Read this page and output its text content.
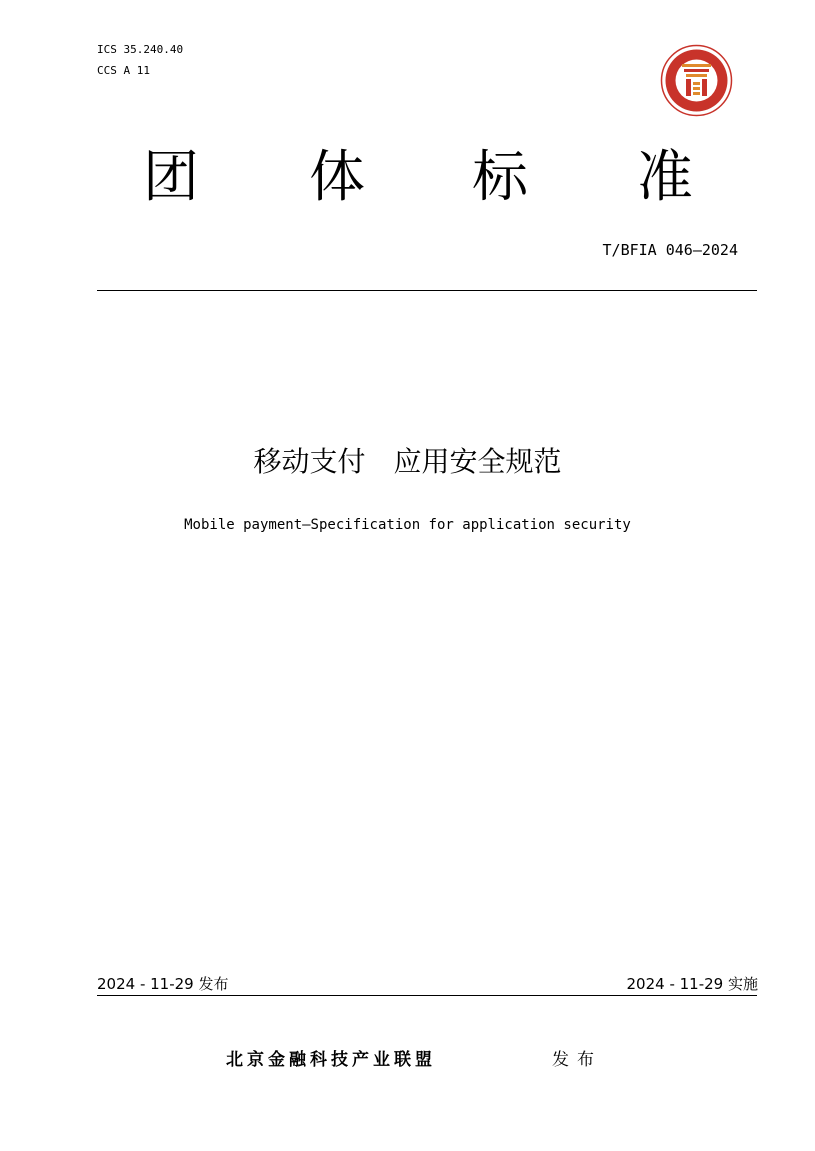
ICS 35.240.40
CCS A 11
团 体 标 准
T/BFIA 046—2024
移动支付　应用安全规范
Mobile payment—Specification for application security
2024 - 11-29 发布	2024 - 11-29 实施
北京金融科技产业联盟	发布
